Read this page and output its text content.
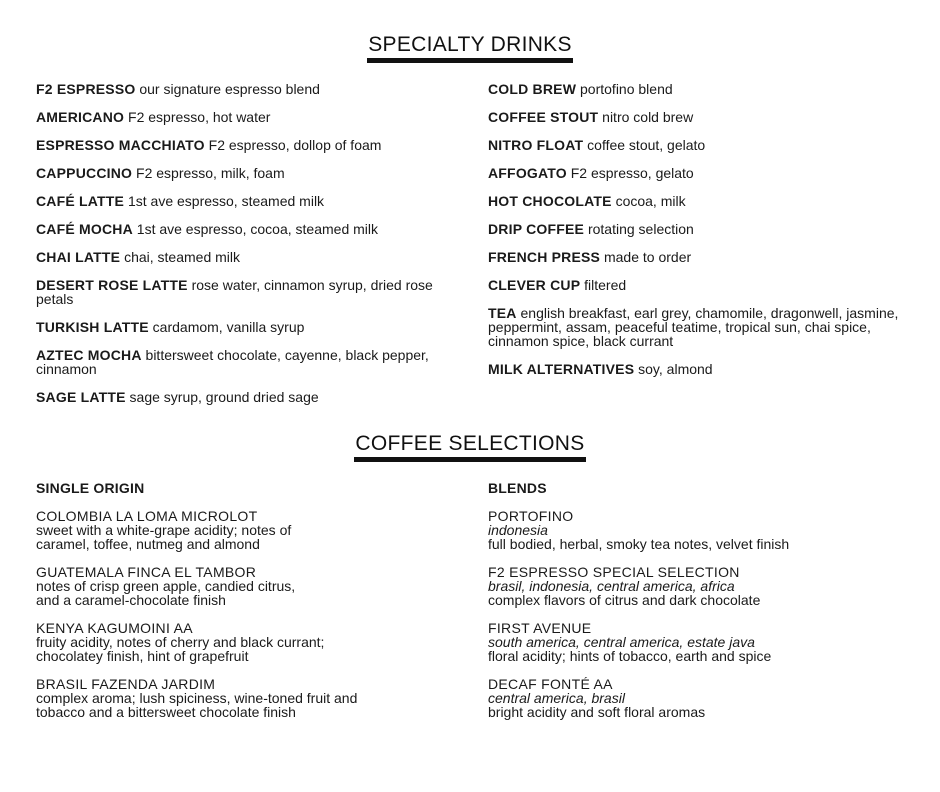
SPECIALTY DRINKS
F2 ESPRESSO our signature espresso blend
AMERICANO F2 espresso, hot water
ESPRESSO MACCHIATO F2 espresso, dollop of foam
CAPPUCCINO F2 espresso, milk, foam
CAFÉ LATTE 1st ave espresso, steamed milk
CAFÉ MOCHA 1st ave espresso, cocoa, steamed milk
CHAI LATTE chai, steamed milk
DESERT ROSE LATTE rose water, cinnamon syrup, dried rose petals
TURKISH LATTE cardamom, vanilla syrup
AZTEC MOCHA bittersweet chocolate, cayenne, black pepper, cinnamon
SAGE LATTE sage syrup, ground dried sage
COLD BREW portofino blend
COFFEE STOUT nitro cold brew
NITRO FLOAT coffee stout, gelato
AFFOGATO F2 espresso, gelato
HOT CHOCOLATE cocoa, milk
DRIP COFFEE rotating selection
FRENCH PRESS made to order
CLEVER CUP filtered
TEA english breakfast, earl grey, chamomile, dragonwell, jasmine, peppermint, assam, peaceful teatime, tropical sun, chai spice, cinnamon spice, black currant
MILK ALTERNATIVES soy, almond
COFFEE SELECTIONS
SINGLE ORIGIN
COLOMBIA LA LOMA MICROLOT
sweet with a white-grape acidity; notes of
caramel, toffee, nutmeg and almond
GUATEMALA FINCA EL TAMBOR
notes of crisp green apple, candied citrus,
and a caramel-chocolate finish
KENYA KAGUMOINI AA
fruity acidity, notes of cherry and black currant;
chocolatey finish, hint of grapefruit
BRASIL FAZENDA JARDIM
complex aroma; lush spiciness, wine-toned fruit and
tobacco and a bittersweet chocolate finish
BLENDS
PORTOFINO
indonesia
full bodied, herbal, smoky tea notes, velvet finish
F2 ESPRESSO SPECIAL SELECTION
brasil, indonesia, central america, africa
complex flavors of citrus and dark chocolate
FIRST AVENUE
south america, central america, estate java
floral acidity; hints of tobacco, earth and spice
DECAF FONTÉ AA
central america, brasil
bright acidity and soft floral aromas
